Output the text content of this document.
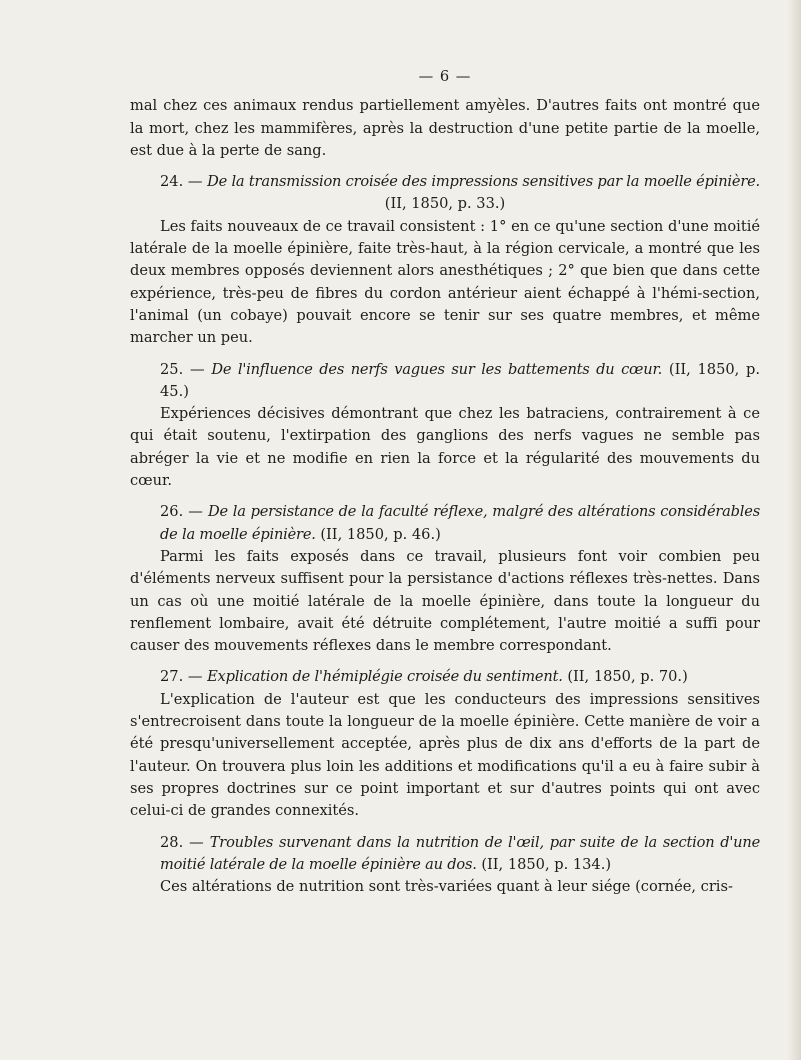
— 6 —

mal chez ces animaux rendus partiellement amyèles. D'autres faits ont montré que la mort, chez les mammifères, après la destruction d'une petite partie de la moelle, est due à la perte de sang.

24. — De la transmission croisée des impressions sensitives par la moelle épinière.

(II, 1850, p. 33.)

Les faits nouveaux de ce travail consistent : 1° en ce qu'une section d'une moitié latérale de la moelle épinière, faite très-haut, à la région cervicale, a montré que les deux membres opposés deviennent alors anesthétiques ; 2° que bien que dans cette expérience, très-peu de fibres du cordon antérieur aient échappé à l'hémi-section, l'animal (un cobaye) pouvait encore se tenir sur ses quatre membres, et même marcher un peu.

25. — De l'influence des nerfs vagues sur les battements du cœur. (II, 1850, p. 45.)

Expériences décisives démontrant que chez les batraciens, contrairement à ce qui était soutenu, l'extirpation des ganglions des nerfs vagues ne semble pas abréger la vie et ne modifie en rien la force et la régularité des mouvements du cœur.

26. — De la persistance de la faculté réflexe, malgré des altérations considérables de la moelle épinière. (II, 1850, p. 46.)

Parmi les faits exposés dans ce travail, plusieurs font voir combien peu d'éléments nerveux suffisent pour la persistance d'actions réflexes très-nettes. Dans un cas où une moitié latérale de la moelle épinière, dans toute la longueur du renflement lombaire, avait été détruite complétement, l'autre moitié a suffi pour causer des mouvements réflexes dans le membre correspondant.

27. — Explication de l'hémiplégie croisée du sentiment. (II, 1850, p. 70.)

L'explication de l'auteur est que les conducteurs des impressions sensitives s'entrecroisent dans toute la longueur de la moelle épinière. Cette manière de voir a été presqu'universellement acceptée, après plus de dix ans d'efforts de la part de l'auteur. On trouvera plus loin les additions et modifications qu'il a eu à faire subir à ses propres doctrines sur ce point important et sur d'autres points qui ont avec celui-ci de grandes connexités.

28. — Troubles survenant dans la nutrition de l'œil, par suite de la section d'une moitié latérale de la moelle épinière au dos. (II, 1850, p. 134.)

Ces altérations de nutrition sont très-variées quant à leur siége (cornée, cris-
